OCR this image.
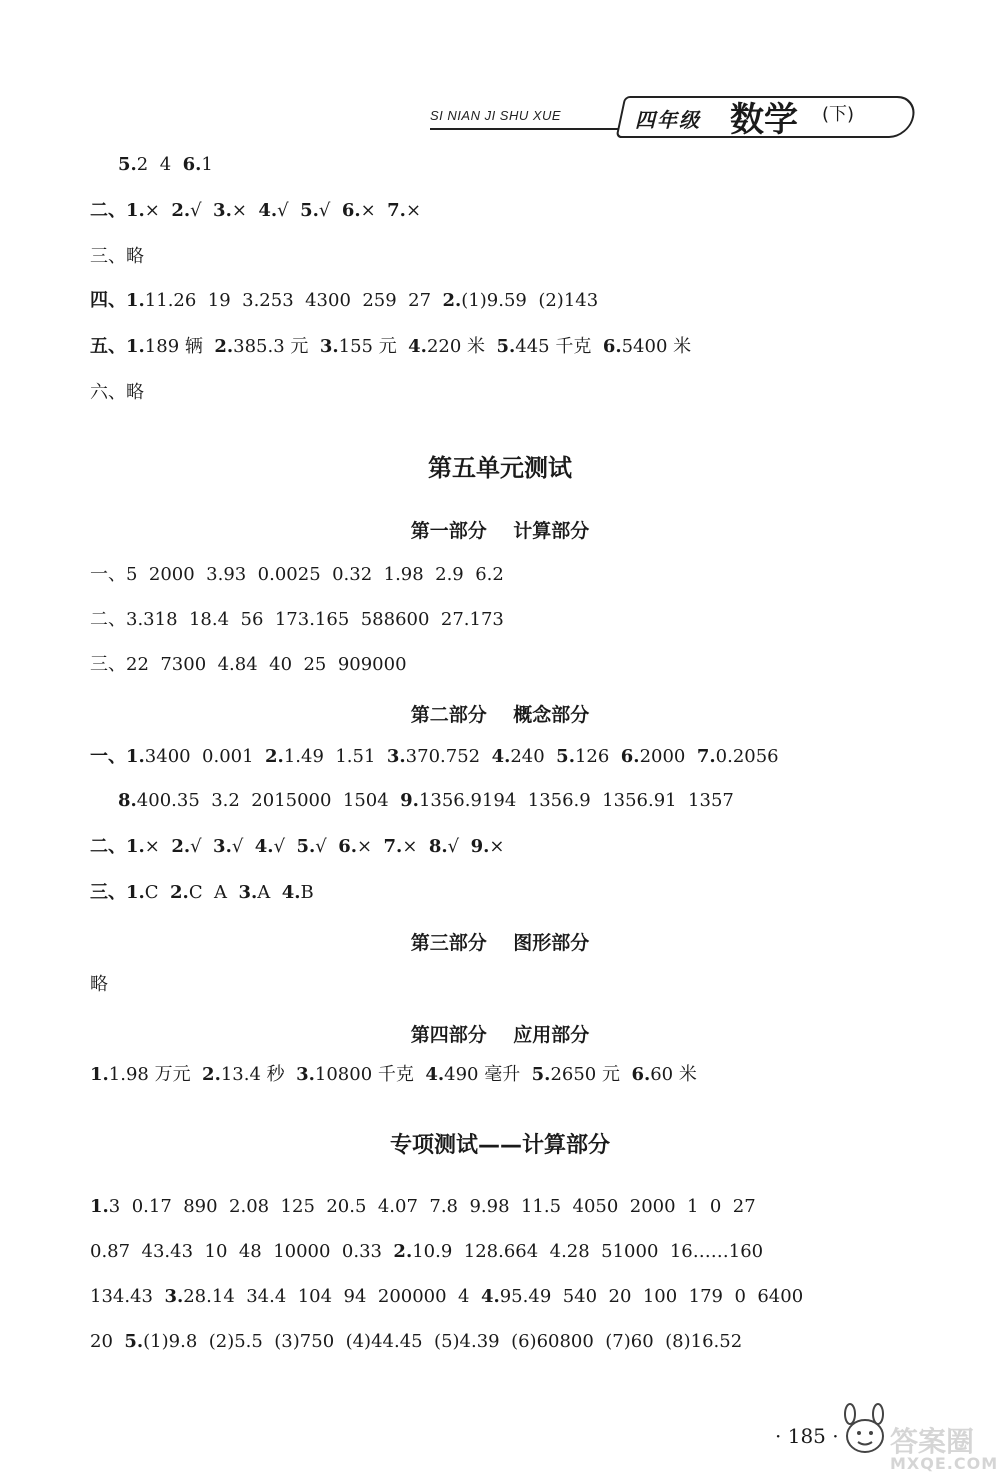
SI NIAN JI SHU XUE	四年级 数学 (下)
5.2  4  6.1
二、1.×  2.√  3.×  4.√  5.√  6.×  7.×
三、略
四、1.11.26  19  3.253  4300  259  27  2.(1)9.59  (2)143
五、1.189 辆  2.385.3 元  3.155 元  4.220 米  5.445 千克  6.5400 米
六、略
第五单元测试
第一部分    计算部分
一、5  2000  3.93  0.0025  0.32  1.98  2.9  6.2
二、3.318  18.4  56  173.165  588600  27.173
三、22  7300  4.84  40  25  909000
第二部分    概念部分
一、1.3400  0.001  2.1.49  1.51  3.370.752  4.240  5.126  6.2000  7.0.2056
8.400.35  3.2  2015000  1504  9.1356.9194  1356.9  1356.91  1357
二、1.×  2.√  3.√  4.√  5.√  6.×  7.×  8.√  9.×
三、1.C  2.C  A  3.A  4.B
第三部分    图形部分
略
第四部分    应用部分
1.1.98 万元  2.13.4 秒  3.10800 千克  4.490 毫升  5.2650 元  6.60 米
专项测试——计算部分
1.3  0.17  890  2.08  125  20.5  4.07  7.8  9.98  11.5  4050  2000  1  0  27
0.87  43.43  10  48  10000  0.33  2.10.9  128.664  4.28  51000  16……160
134.43  3.28.14  34.4  104  94  200000  4  4.95.49  540  20  100  179  0  6400
20  5.(1)9.8  (2)5.5  (3)750  (4)44.45  (5)4.39  (6)60800  (7)60  (8)16.52
· 185 · 答案圈
MXQE.COM
